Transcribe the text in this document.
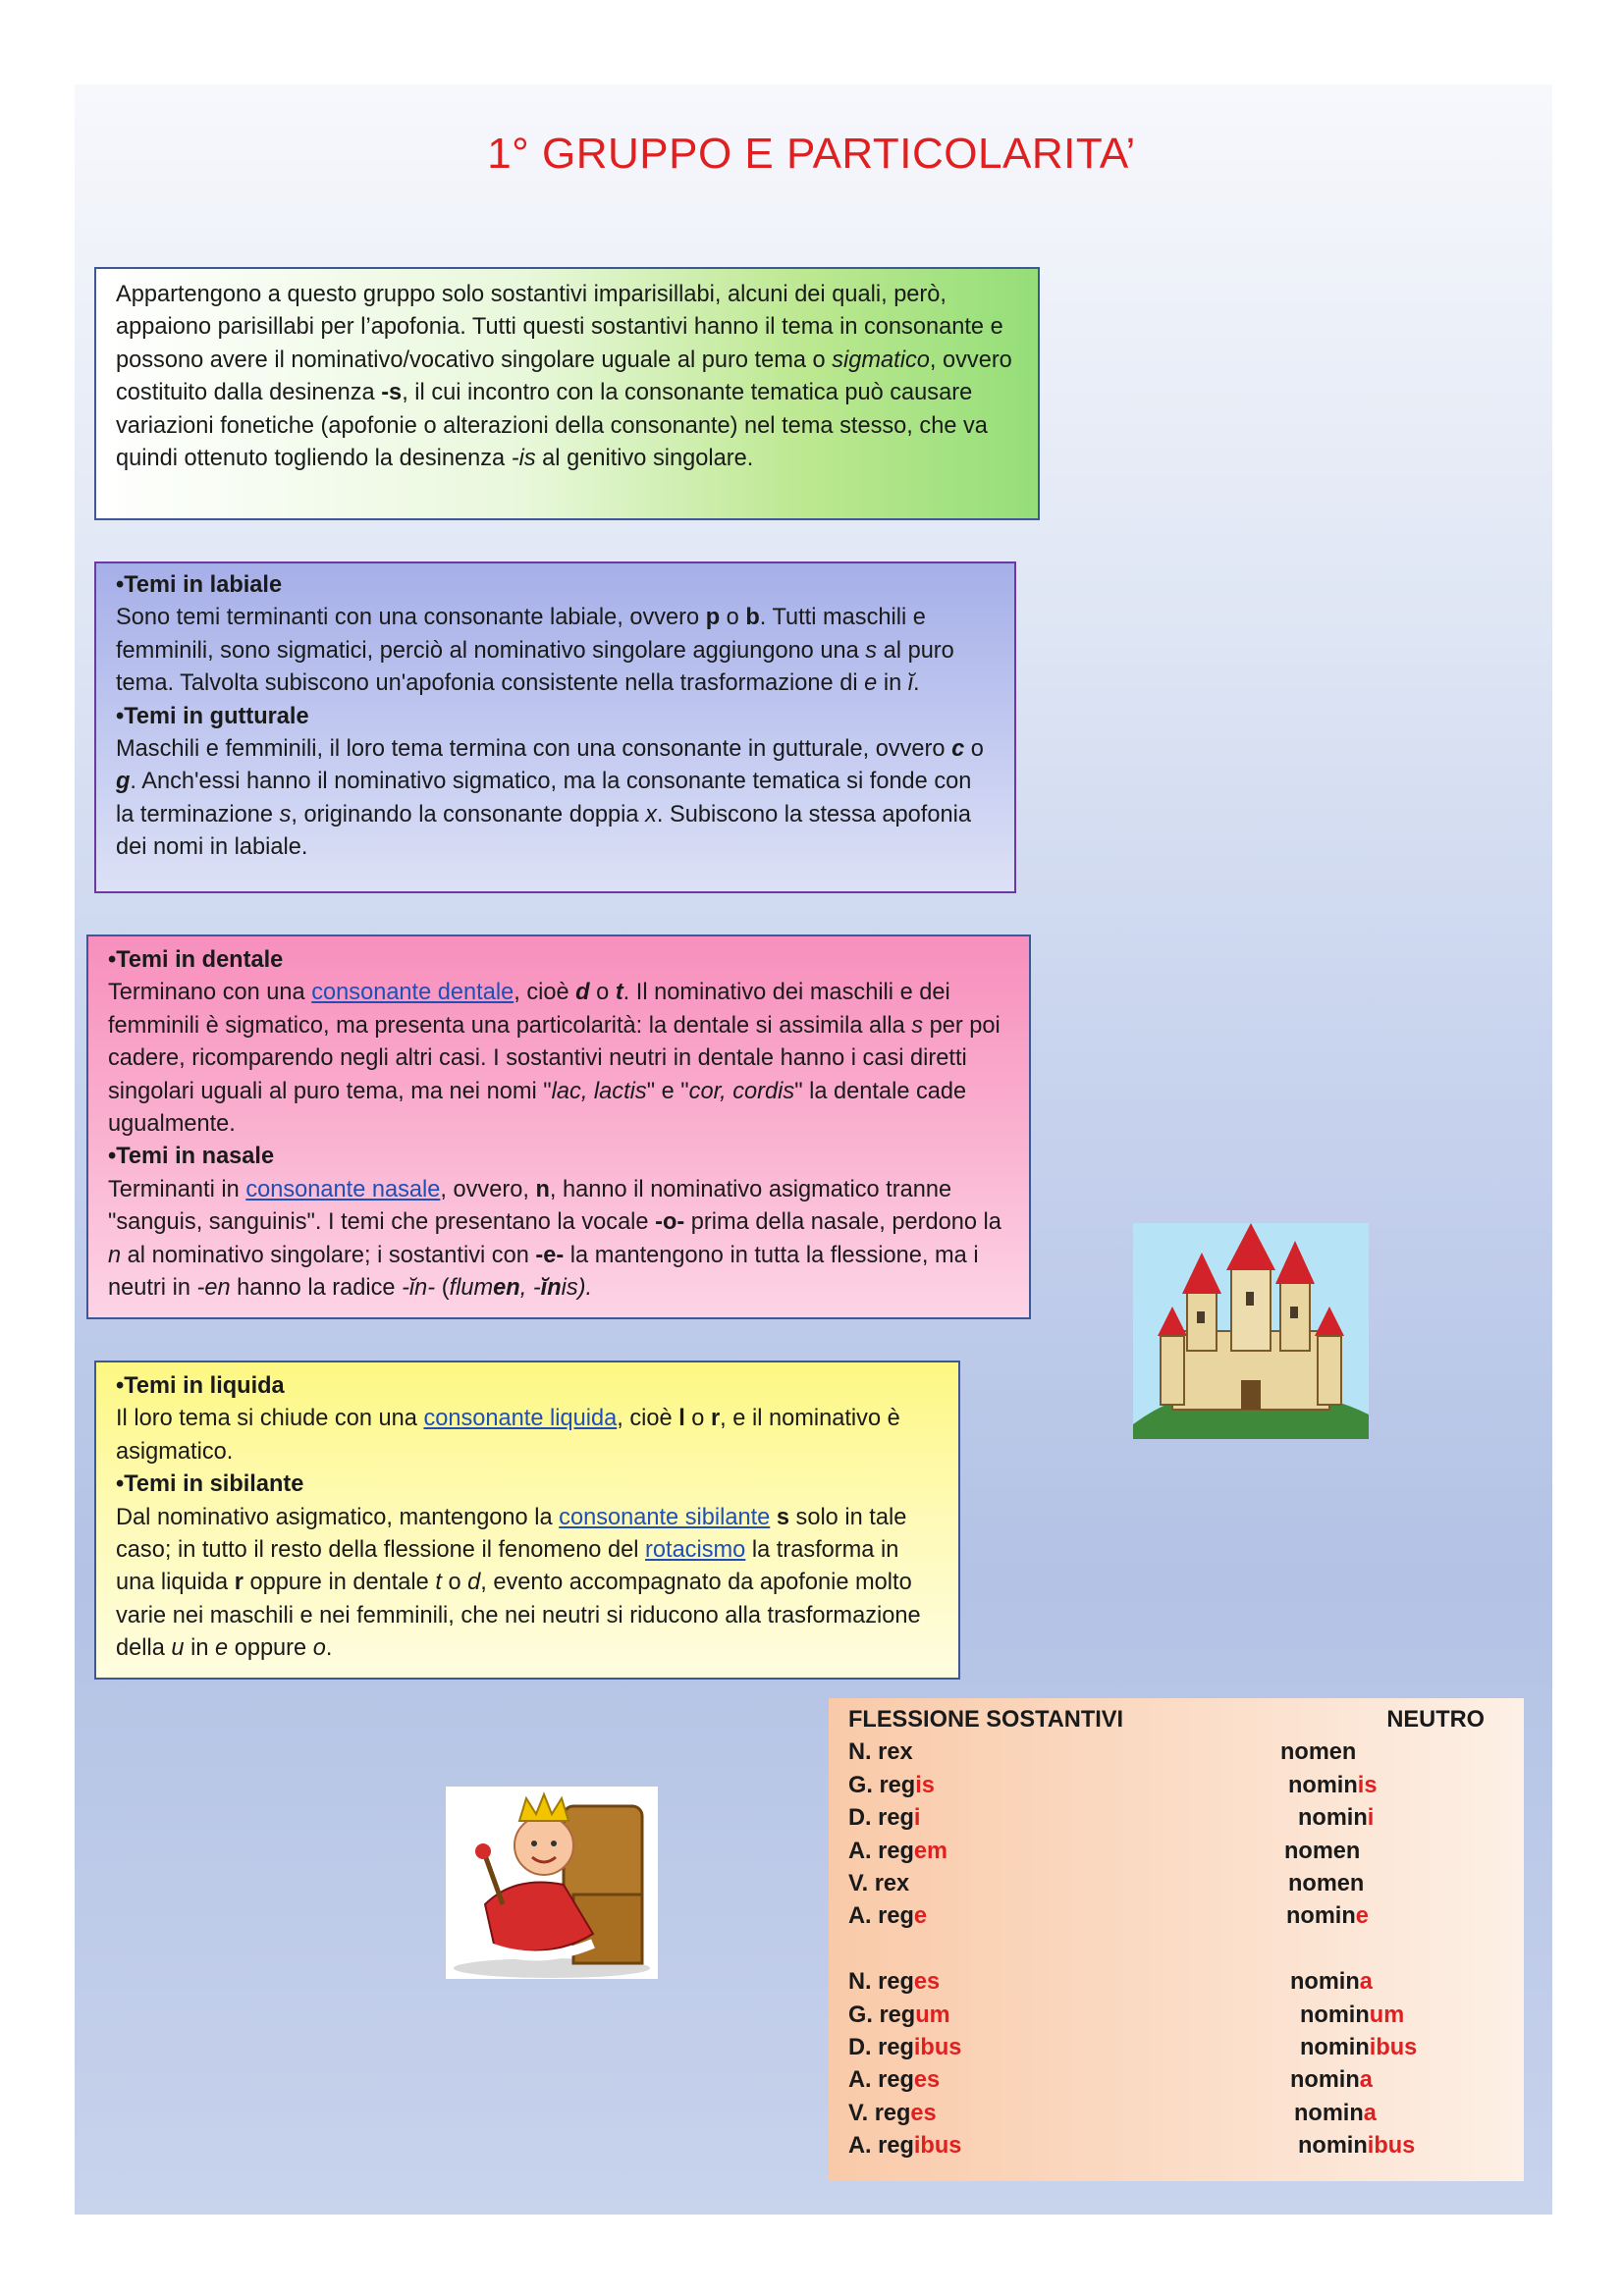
1° GRUPPO E PARTICOLARITA’

Appartengono a questo gruppo solo sostantivi imparisillabi, alcuni dei quali, però, appaiono parisillabi per l’apofonia. Tutti questi sostantivi hanno il tema in consonante e possono avere il nominativo/vocativo singolare uguale al puro tema o sigmatico, ovvero costituito dalla desinenza -s, il cui incontro con la consonante tematica può causare variazioni fonetiche (apofonie o alterazioni della consonante) nel tema stesso, che va quindi ottenuto togliendo la desinenza -is al genitivo singolare.

•Temi in labiale

Sono temi terminanti con una consonante labiale, ovvero p o b. Tutti maschili e femminili, sono sigmatici, perciò al nominativo singolare aggiungono una s al puro tema. Talvolta subiscono un'apofonia consistente nella trasformazione di e in ĭ.

•Temi in gutturale

Maschili e femminili, il loro tema termina con una consonante in gutturale, ovvero c o g. Anch'essi hanno il nominativo sigmatico, ma la consonante tematica si fonde con la terminazione s, originando la consonante doppia x. Subiscono la stessa apofonia dei nomi in labiale.

•Temi in dentale

Terminano con una consonante dentale, cioè d o t. Il nominativo dei maschili e dei femminili è sigmatico, ma presenta una particolarità: la dentale si assimila alla s per poi cadere, ricomparendo negli altri casi. I sostantivi neutri in dentale hanno i casi diretti singolari uguali al puro tema, ma nei nomi "lac, lactis" e "cor, cordis" la dentale cade ugualmente.

•Temi in nasale

Terminanti in consonante nasale, ovvero, n, hanno il nominativo asigmatico tranne "sanguis, sanguinis". I temi che presentano la vocale -o- prima della nasale, perdono la n al nominativo singolare; i sostantivi con -e- la mantengono in tutta la flessione, ma i neutri in -en hanno la radice -ĭn- (flumen, -ĭnis).

•Temi in liquida

Il loro tema si chiude con una consonante liquida, cioè l o r, e il nominativo è asigmatico.

•Temi in sibilante

Dal nominativo asigmatico, mantengono la consonante sibilante s solo in tale caso; in tutto il resto della flessione il fenomeno del rotacismo la trasforma in una liquida r oppure in dentale t o d, evento accompagnato da apofonie molto varie nei maschili e nei femminili, che nei neutri si riducono alla trasformazione della u in e oppure o.

FLESSIONE SOSTANTIVI	NEUTRO
N. rex	nomen
G. regis	nominis
D. regi	nomini
A. regem	nomen
V. rex	nomen
A. rege	nomine
N. reges	nomina
G. regum	nominum
D. regibus	nominibus
A. reges	nomina
V. reges	nomina
A. regibus	nominibus
